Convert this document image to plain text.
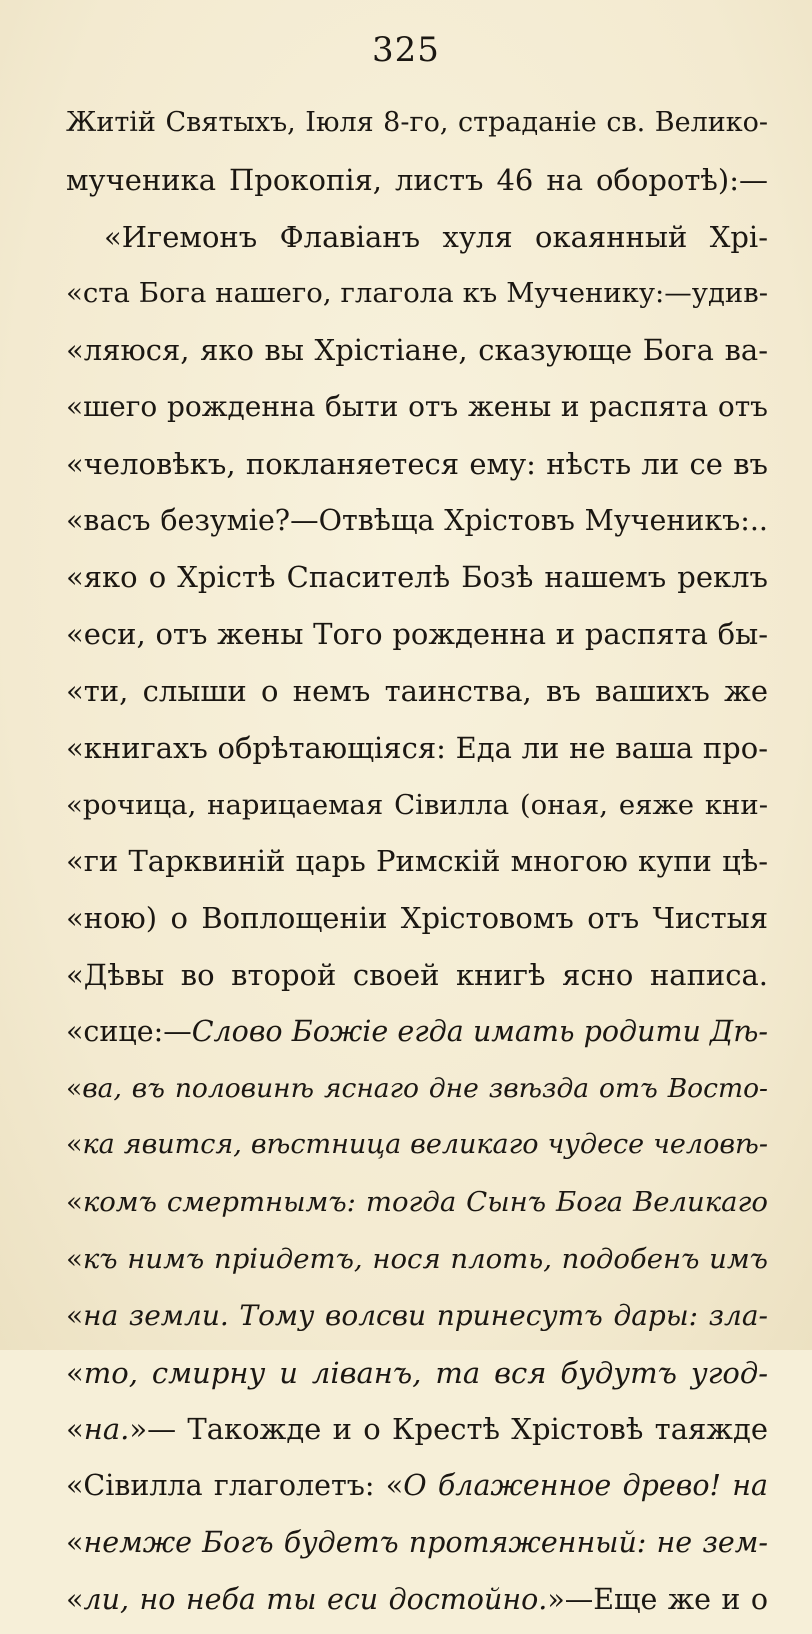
325
Житій Святыхъ, Іюля 8-го, страданіе св. Велико-
мученика Прокопія, листъ 46 на оборотѣ):—
«Игемонъ Флавіанъ хуля окаянный Хрі-
«ста Бога нашего, глагола къ Мученику:—удив-
«ляюся, яко вы Хрістіане, сказующе Бога ва-
«шего рожденна быти отъ жены и распята отъ
«человѣкъ, покланяетеся ему: нѣсть ли се въ
«васъ безуміе?—Отвѣща Хрістовъ Мученикъ:..
«яко о Хрістѣ Спасителѣ Бозѣ нашемъ реклъ
«еси, отъ жены Того рожденна и распята бы-
«ти, слыши о немъ таинства, въ вашихъ же
«книгахъ обрѣтающіяся: Еда ли не ваша про-
«рочица, нарицаемая Сівилла (оная, еяже кни-
«ги Тарквиній царь Римскій многою купи цѣ-
«ною) о Воплощеніи Хрістовомъ отъ Чистыя
«Дѣвы во второй своей книгѣ ясно написа.
«сице:—Слово Божіе егда имать родити Дѣ-
«ва, въ половинѣ яснаго дне звѣзда отъ Восто-
«ка явится, вѣстница великаго чудесе человѣ-
«комъ смертнымъ: тогда Сынъ Бога Великаго
«къ нимъ пріидетъ, нося плоть, подобенъ имъ
«на земли. Тому волсви принесутъ дары: зла-
«то, смирну и ліванъ, та вся будутъ угод-
«на.»— Такожде и о Крестѣ Хрістовѣ таяжде
«Сівилла глаголетъ: «О блаженное древо! на
«немже Богъ будетъ протяженный: не зем-
«ли, но неба ты еси достойно.»—Еще же и о
